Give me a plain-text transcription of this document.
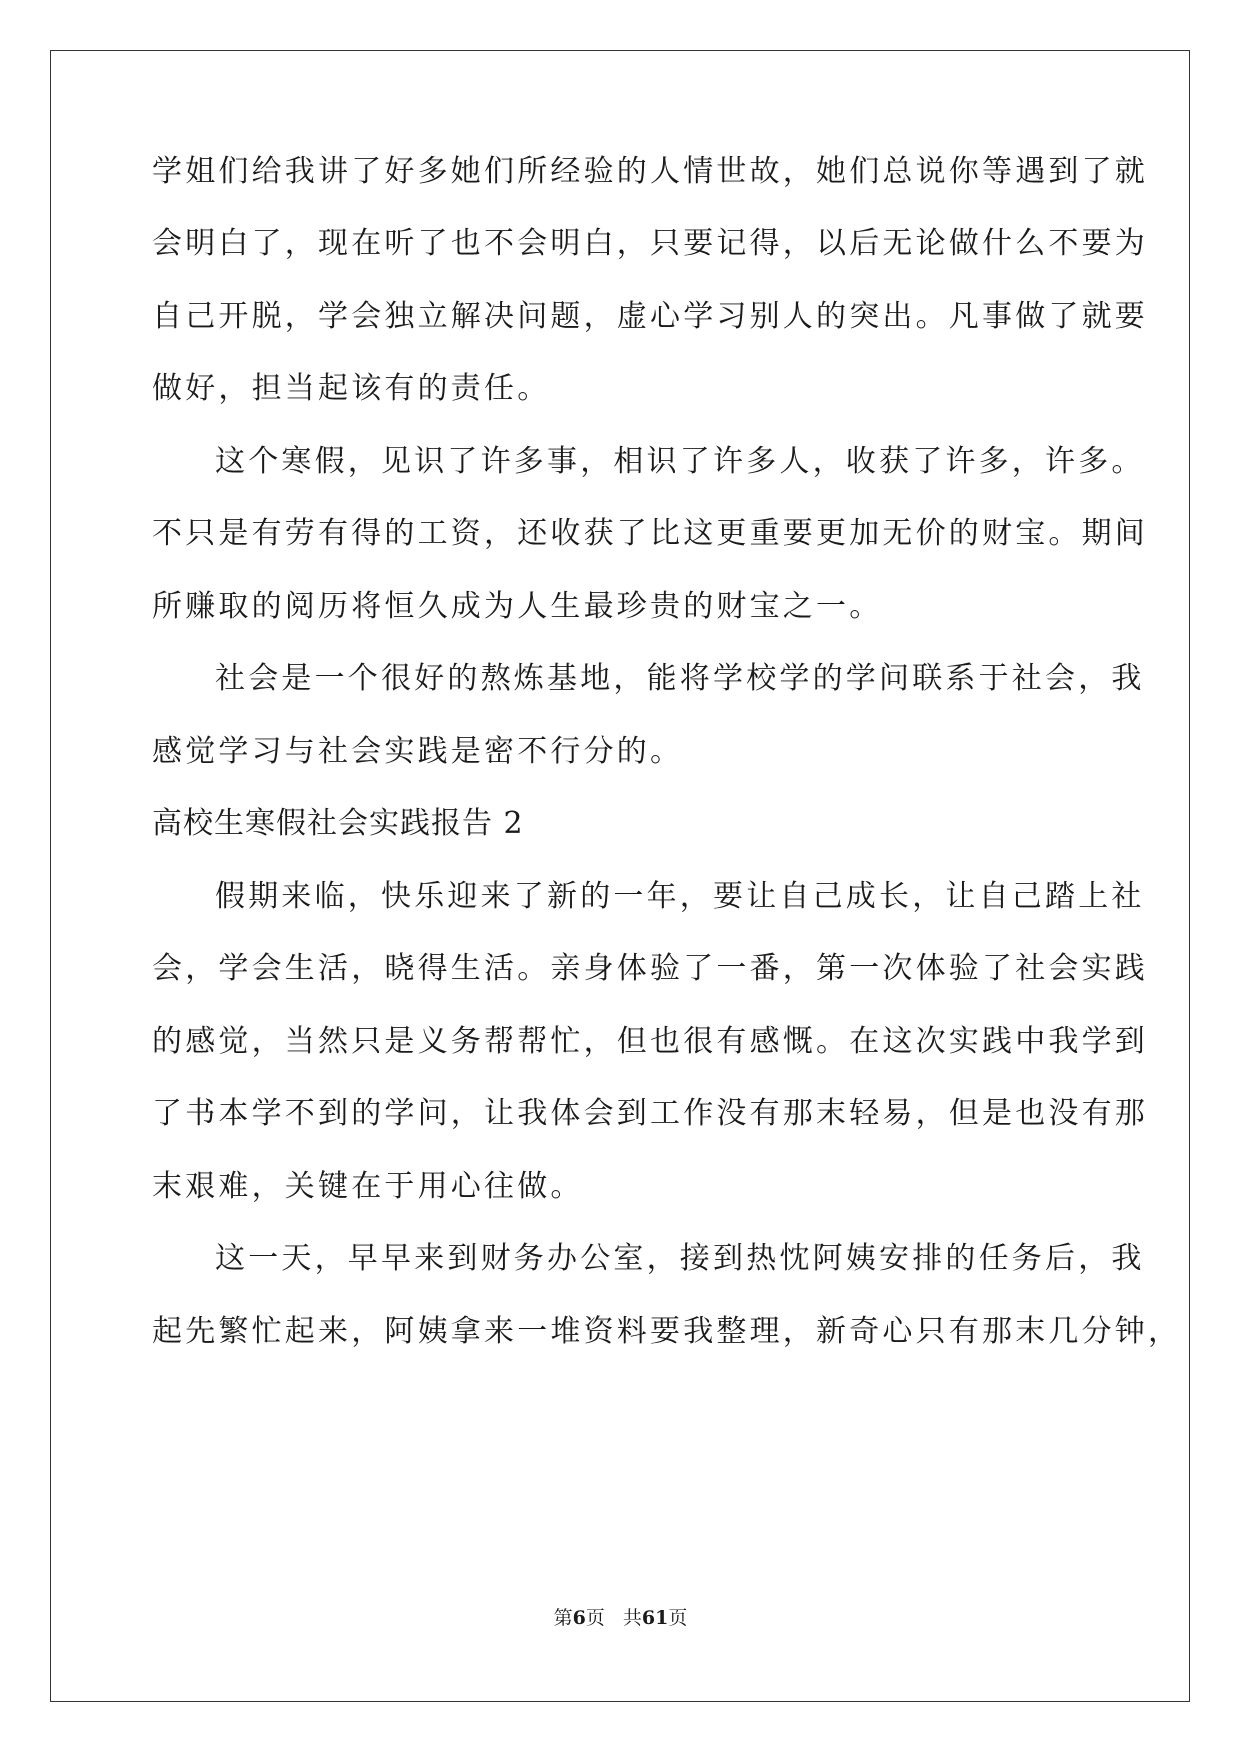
学姐们给我讲了好多她们所经验的人情世故，她们总说你等遇到了就
会明白了，现在听了也不会明白，只要记得，以后无论做什么不要为
自己开脱，学会独立解决问题，虚心学习别人的突出。凡事做了就要
做好，担当起该有的责任。
这个寒假，见识了许多事，相识了许多人，收获了许多，许多。
不只是有劳有得的工资，还收获了比这更重要更加无价的财宝。期间
所赚取的阅历将恒久成为人生最珍贵的财宝之一。
社会是一个很好的熬炼基地，能将学校学的学问联系于社会，我
感觉学习与社会实践是密不行分的。
高校生寒假社会实践报告 2
假期来临，快乐迎来了新的一年，要让自己成长，让自己踏上社
会，学会生活，晓得生活。亲身体验了一番，第一次体验了社会实践
的感觉，当然只是义务帮帮忙，但也很有感慨。在这次实践中我学到
了书本学不到的学问，让我体会到工作没有那末轻易，但是也没有那
末艰难，关键在于用心往做。
这一天，早早来到财务办公室，接到热忱阿姨安排的任务后，我
起先繁忙起来，阿姨拿来一堆资料要我整理，新奇心只有那末几分钟，
第6页 共61页
